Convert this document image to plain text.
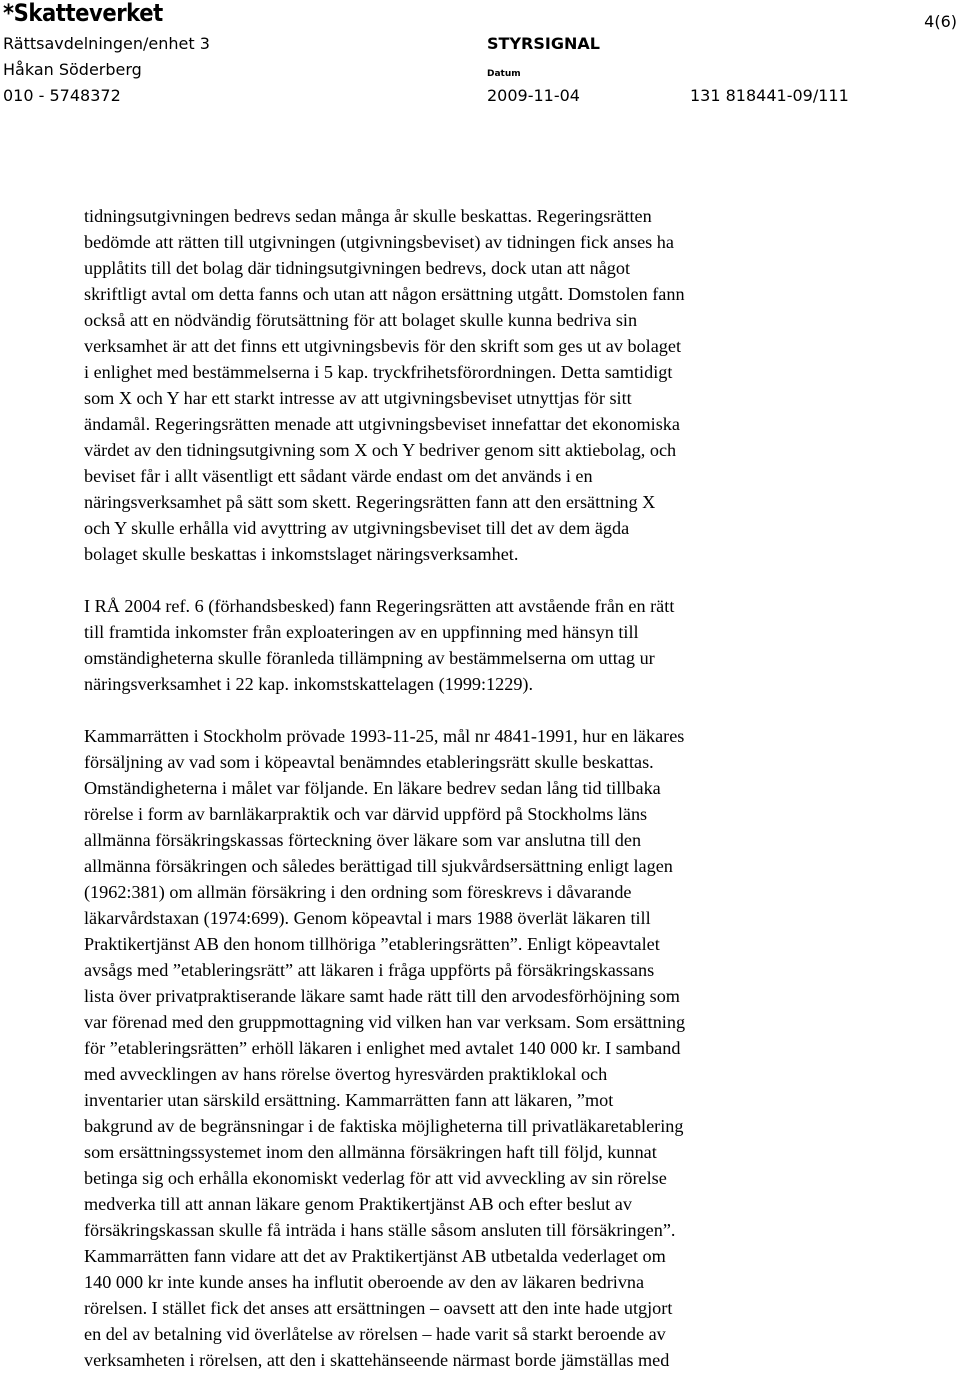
*Skatteverket
Rättsavdelningen/enhet 3
Håkan Söderberg
010 - 5748372
STYRSIGNAL
Datum
2009-11-04	131 818441-09/111
4(6)

tidningsutgivningen bedrevs sedan många år skulle beskattas. Regeringsrätten
bedömde att rätten till utgivningen (utgivningsbeviset) av tidningen fick anses ha
upplåtits till det bolag där tidningsutgivningen bedrevs, dock utan att något
skriftligt avtal om detta fanns och utan att någon ersättning utgått. Domstolen fann
också att en nödvändig förutsättning för att bolaget skulle kunna bedriva sin
verksamhet är att det finns ett utgivningsbevis för den skrift som ges ut av bolaget
i enlighet med bestämmelserna i 5 kap. tryckfrihetsförordningen. Detta samtidigt
som X och Y har ett starkt intresse av att utgivningsbeviset utnyttjas för sitt
ändamål. Regeringsrätten menade att utgivningsbeviset innefattar det ekonomiska
värdet av den tidningsutgivning som X och Y bedriver genom sitt aktiebolag, och
beviset får i allt väsentligt ett sådant värde endast om det används i en
näringsverksamhet på sätt som skett. Regeringsrätten fann att den ersättning X
och Y skulle erhålla vid avyttring av utgivningsbeviset till det av dem ägda
bolaget skulle beskattas i inkomstslaget näringsverksamhet.

I RÅ 2004 ref. 6 (förhandsbesked) fann Regeringsrätten att avstående från en rätt
till framtida inkomster från exploateringen av en uppfinning med hänsyn till
omständigheterna skulle föranleda tillämpning av bestämmelserna om uttag ur
näringsverksamhet i 22 kap. inkomstskattelagen (1999:1229).

Kammarrätten i Stockholm prövade 1993-11-25, mål nr 4841-1991, hur en läkares
försäljning av vad som i köpeavtal benämndes etableringsrätt skulle beskattas.
Omständigheterna i målet var följande. En läkare bedrev sedan lång tid tillbaka
rörelse i form av barnläkarpraktik och var därvid uppförd på Stockholms läns
allmänna försäkringskassas förteckning över läkare som var anslutna till den
allmänna försäkringen och således berättigad till sjukvårdsersättning enligt lagen
(1962:381) om allmän försäkring i den ordning som föreskrevs i dåvarande
läkarvårdstaxan (1974:699). Genom köpeavtal i mars 1988 överlät läkaren till
Praktikertjänst AB den honom tillhöriga ”etableringsrätten”. Enligt köpeavtalet
avsågs med ”etableringsrätt” att läkaren i fråga uppförts på försäkringskassans
lista över privatpraktiserande läkare samt hade rätt till den arvodesförhöjning som
var förenad med den gruppmottagning vid vilken han var verksam. Som ersättning
för ”etableringsrätten” erhöll läkaren i enlighet med avtalet 140 000 kr. I samband
med avvecklingen av hans rörelse övertog hyresvärden praktiklokal och
inventarier utan särskild ersättning. Kammarrätten fann att läkaren, ”mot
bakgrund av de begränsningar i de faktiska möjligheterna till privatläkaretablering
som ersättningssystemet inom den allmänna försäkringen haft till följd, kunnat
betinga sig och erhålla ekonomiskt vederlag för att vid avveckling av sin rörelse
medverka till att annan läkare genom Praktikertjänst AB och efter beslut av
försäkringskassan skulle få inträda i hans ställe såsom ansluten till försäkringen”.
Kammarrätten fann vidare att det av Praktikertjänst AB utbetalda vederlaget om
140 000 kr inte kunde anses ha influtit oberoende av den av läkaren bedrivna
rörelsen. I stället fick det anses att ersättningen – oavsett att den inte hade utgjort
en del av betalning vid överlåtelse av rörelsen – hade varit så starkt beroende av
verksamheten i rörelsen, att den i skattehänseende närmast borde jämställas med
